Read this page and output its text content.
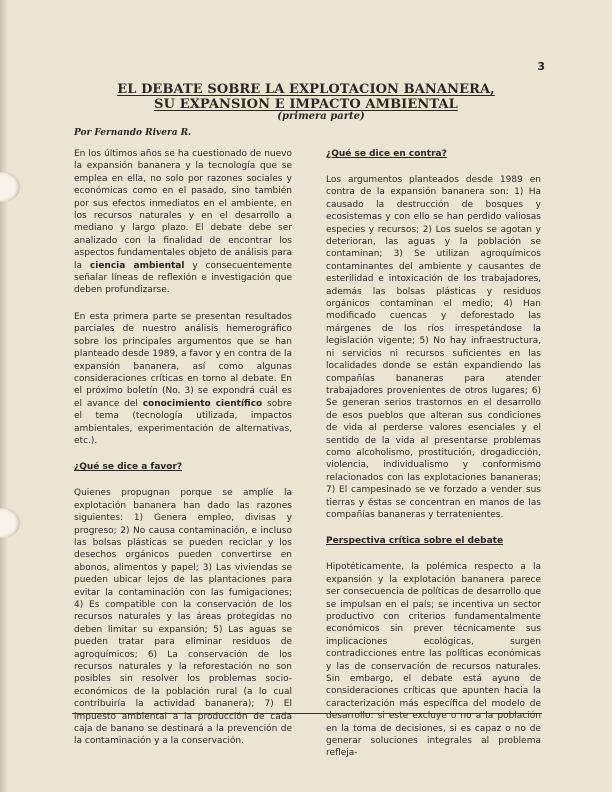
3
EL DEBATE SOBRE LA EXPLOTACION BANANERA,
SU EXPANSION E IMPACTO AMBIENTAL
(primera parte)
Por Fernando Rivera R.

En los últimos años se ha cuestionado de nuevo la expansión bananera y la tecnología que se emplea en ella, no solo por razones sociales y económicas como en el pasado, sino también por sus efectos inmediatos en el ambiente, en los recursos naturales y en el desarrollo a mediano y largo plazo. El debate debe ser analizado con la finalidad de encontrar los aspectos fundamentales objeto de análisis para la ciencia ambiental y consecuentemente señalar líneas de reflexión e investigación que deben profundizarse.

En esta primera parte se presentan resultados parciales de nuestro análisis hemerográfico sobre los principales argumentos que se han planteado desde 1989, a favor y en contra de la expansión bananera, así como algunas consideraciones críticas en torno al debate. En el próximo boletín (No. 3) se expondrá cuál es el avance del conocimiento científico sobre el tema (tecnología utilizada, impactos ambientales, experimentación de alternativas, etc.).

¿Qué se dice a favor?

Quienes propugnan porque se amplíe la explotación bananera han dado las razones siguientes: 1) Genera empleo, divisas y progreso; 2) No causa contaminación, e incluso las bolsas plásticas se pueden reciclar y los desechos orgánicos pueden convertirse en abonos, alimentos y papel; 3) Las viviendas se pueden ubicar lejos de las plantaciones para evitar la contaminación con las fumigaciones; 4) Es compatible con la conservación de los recursos naturales y las áreas protegidas no deben limitar su expansión; 5) Las aguas se pueden tratar para eliminar residuos de agroquímicos; 6) La conservación de los recursos naturales y la reforestación no son posibles sin resolver los problemas socio-económicos de la población rural (a lo cual contribuiría la actividad bananera); 7) El impuesto ambiental a la producción de cada caja de banano se destinará a la prevención de la contaminación y a la conservación.

¿Qué se dice en contra?

Los argumentos planteados desde 1989 en contra de la expansión bananera son: 1) Ha causado la destrucción de bosques y ecosistemas y con ello se han perdido valiosas especies y recursos; 2) Los suelos se agotan y deterioran, las aguas y la población se contaminan; 3) Se utilizan agroquímicos contaminantes del ambiente y causantes de esterilidad e intoxicación de los trabajadores, además las bolsas plásticas y residuos orgánicos contaminan el medio; 4) Han modificado cuencas y deforestado las márgenes de los ríos irrespetándose la legislación vigente; 5) No hay infraestructura, ni servicios ni recursos suficientes en las localidades donde se están expandiendo las compañías bananeras para atender trabajadores provenientes de otros lugares; 6) Se generan serios trastornos en el desarrollo de esos pueblos que alteran sus condiciones de vida al perderse valores esenciales y el sentido de la vida al presentarse problemas como alcoholismo, prostitución, drogadicción, violencia, individualismo y conformismo relacionados con las explotaciones bananeras; 7) El campesinado se ve forzado a vender sus tierras y éstas se concentran en manos de las compañías bananeras y terratenientes.

Perspectiva crítica sobre el debate

Hipotéticamente, la polémica respecto a la expansión y la explotación bananera parece ser consecuencia de políticas de desarrollo que se impulsan en el país; se incentiva un sector productivo con criterios fundamentalmente económicos sin prever técnicamente sus implicaciones ecológicas, surgen contradicciones entre las políticas económicas y las de conservación de recursos naturales. Sin embargo, el debate está ayuno de consideraciones críticas que apunten hacia la caracterización más específica del modelo de desarrollo: si este excluye o no a la población en la toma de decisiones, si es capaz o no de generar soluciones integrales al problema refleja-
